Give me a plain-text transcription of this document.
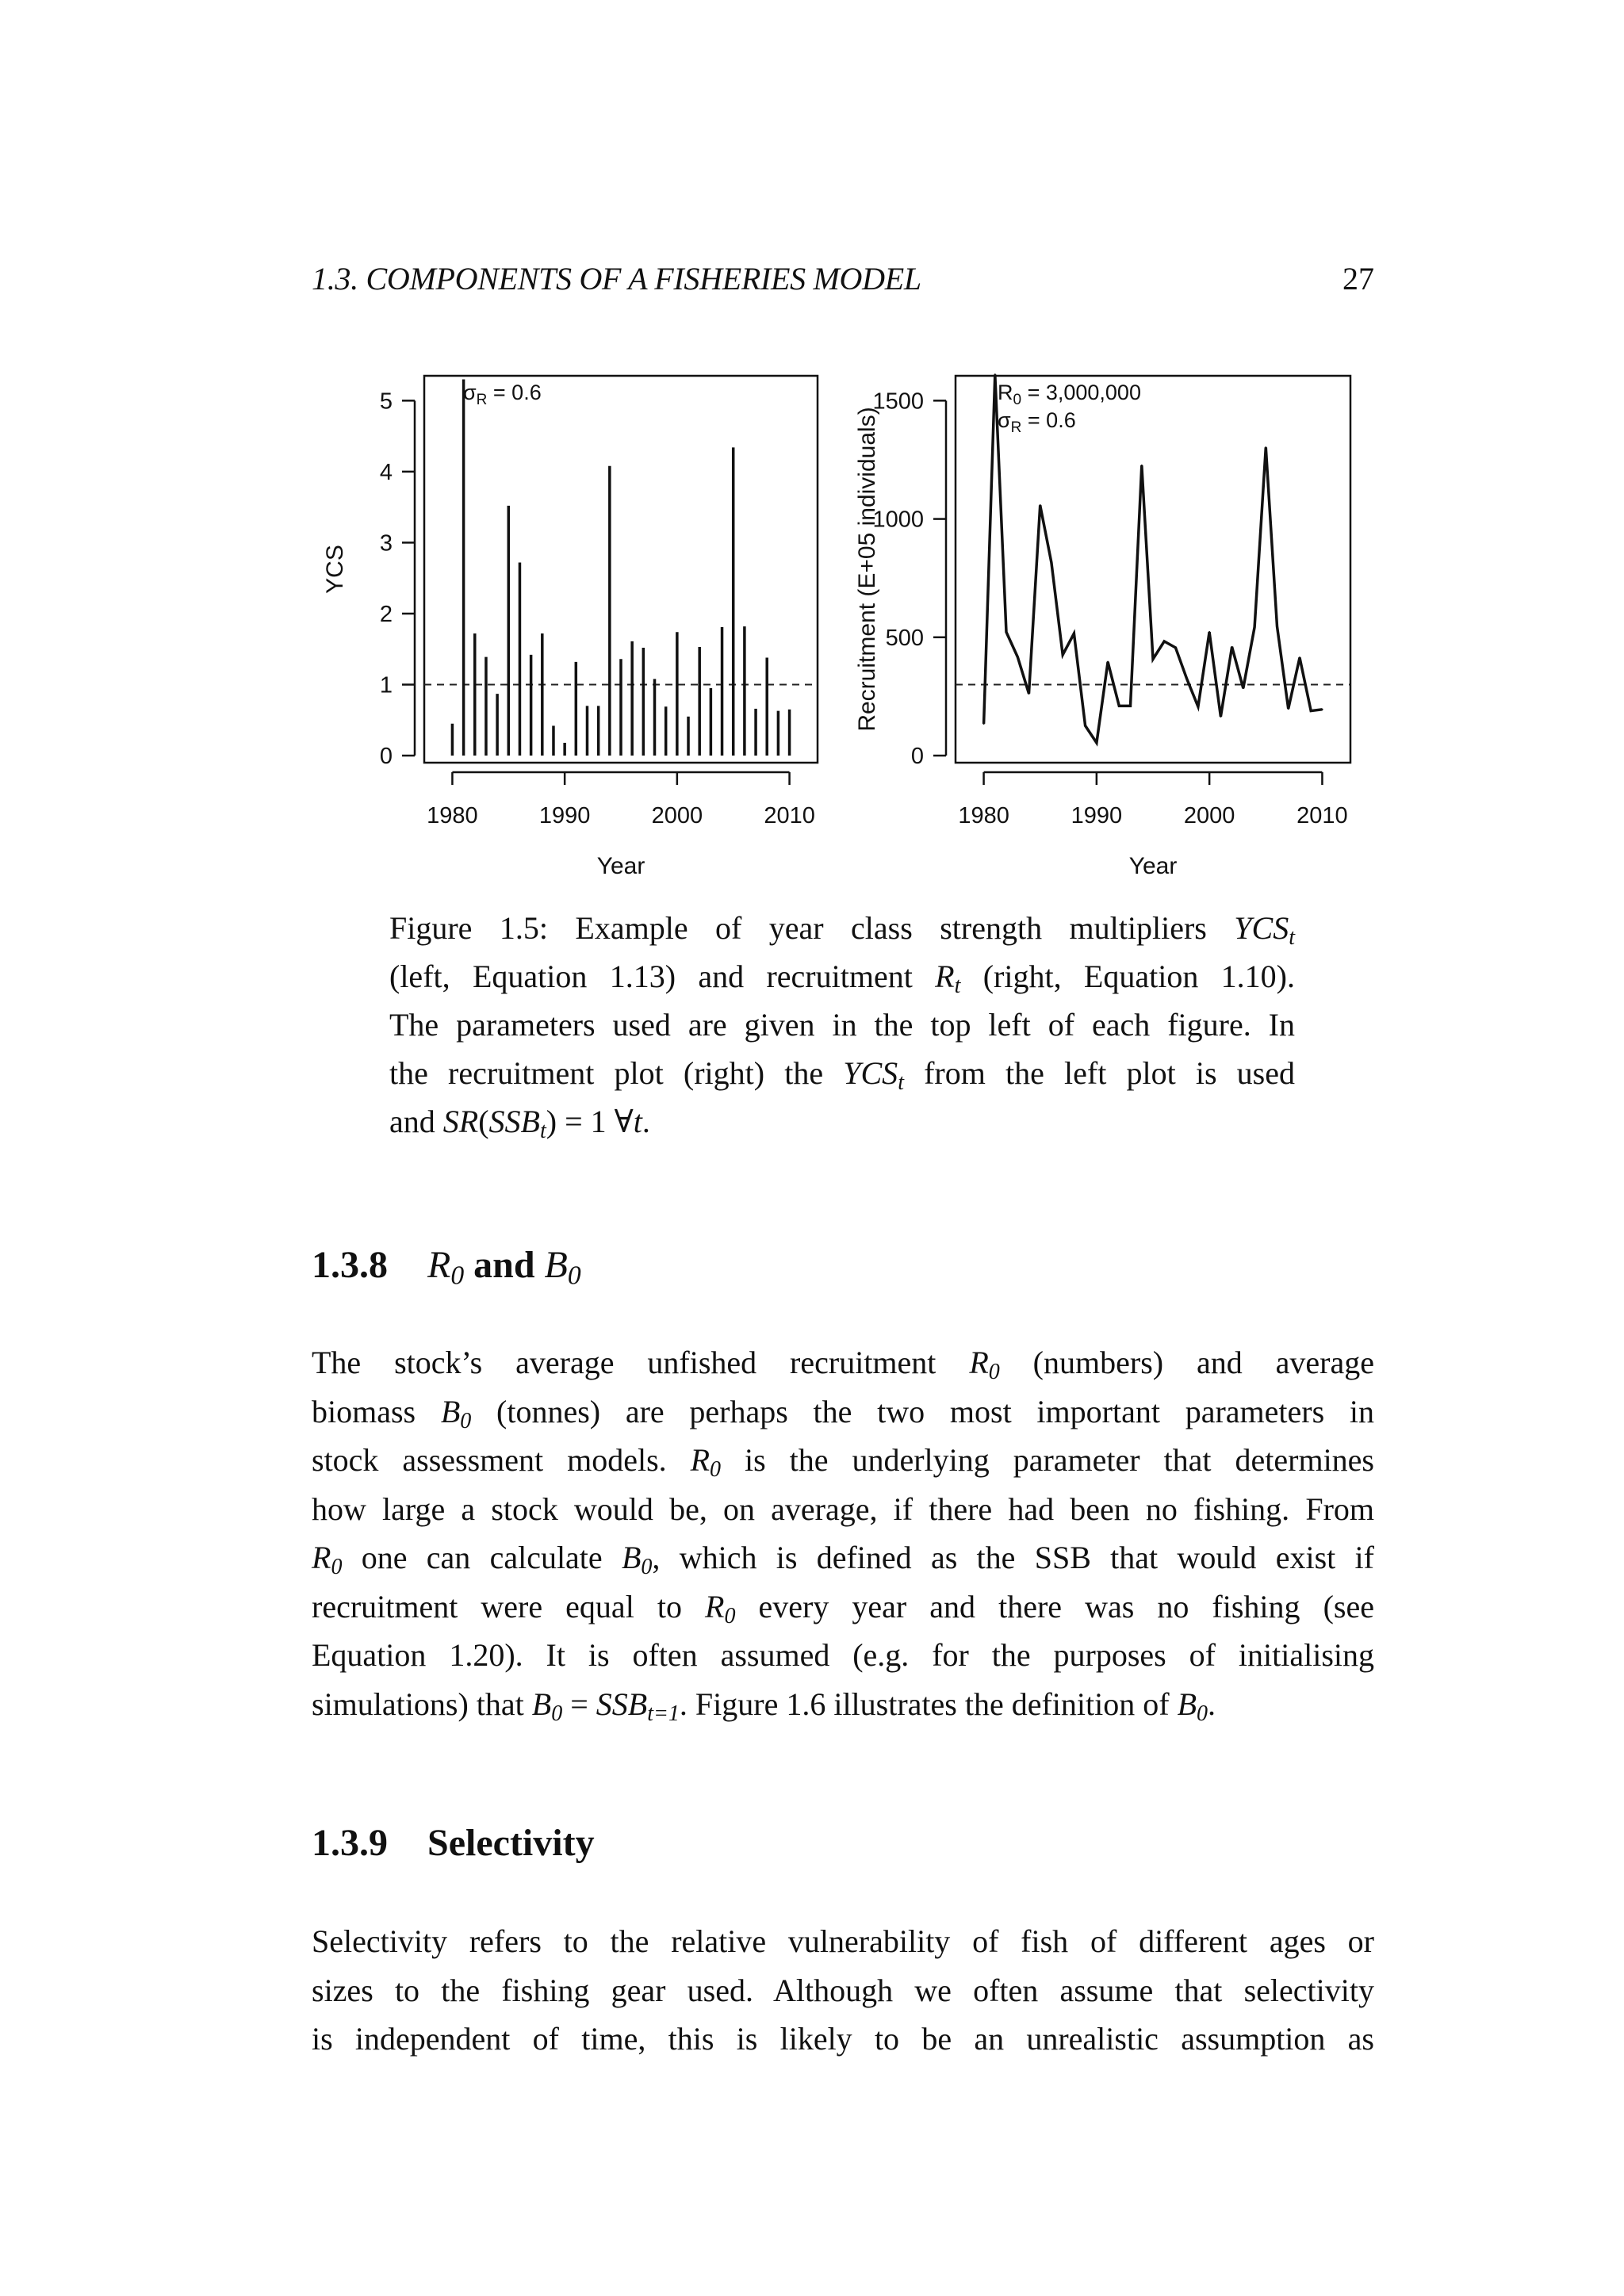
1.3. COMPONENTS OF A FISHERIES MODEL	27
1980	1990	2000	2010
0
1
2
3
4
5
Year
YCS
$\sigma_R = 0.6$
1980	1990	2000	2010
0
500
1000
1500
Year
Recruitment (E+05 individuals)
$R_0 = 3,000,000$
$\sigma_R = 0.6$
Figure 1.5: Example of year class strength multipliers $YCS_t$
(left, Equation 1.13) and recruitment $R_t$ (right, Equation 1.10).
The parameters used are given in the top left of each figure. In
the recruitment plot (right) the $YCS_t$ from the left plot is used
and $SR(SSB_t) = 1$ ∀t.
1.3.8 $R_0$ and $B_0$
The stock’s average unfished recruitment $R_0$ (numbers) and average
biomass $B_0$ (tonnes) are perhaps the two most important parameters in
stock assessment models. $R_0$ is the underlying parameter that determines
how large a stock would be, on average, if there had been no fishing. From
$R_0$ one can calculate $B_0$, which is defined as the SSB that would exist if
recruitment were equal to $R_0$ every year and there was no fishing (see
Equation 1.20). It is often assumed (e.g. for the purposes of initialising
simulations) that $B_0 = SSB_{t=1}$. Figure 1.6 illustrates the definition of $B_0$.
1.3.9 Selectivity
Selectivity refers to the relative vulnerability of fish of different ages or
sizes to the fishing gear used. Although we often assume that selectivity
is independent of time, this is likely to be an unrealistic assumption as
